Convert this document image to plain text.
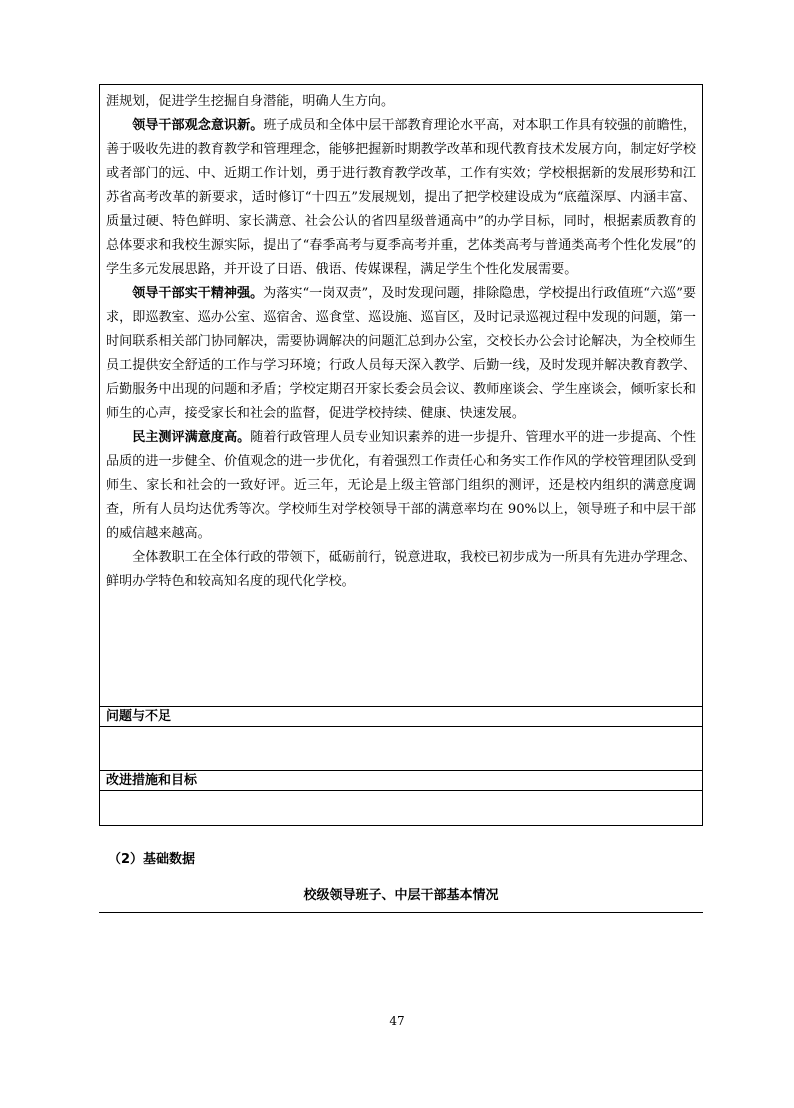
涯规划，促进学生挖掘自身潜能，明确人生方向。

领导干部观念意识新。班子成员和全体中层干部教育理论水平高，对本职工作具有较强的前瞻性，善于吸收先进的教育教学和管理理念，能够把握新时期教学改革和现代教育技术发展方向，制定好学校或者部门的远、中、近期工作计划，勇于进行教育教学改革，工作有实效；学校根据新的发展形势和江苏省高考改革的新要求，适时修订“十四五”发展规划，提出了把学校建设成为“底蕴深厚、内涵丰富、质量过硬、特色鲜明、家长满意、社会公认的省四星级普通高中”的办学目标，同时，根据素质教育的总体要求和我校生源实际，提出了“春季高考与夏季高考并重，艺体类高考与普通类高考个性化发展”的学生多元发展思路，并开设了日语、俄语、传媒课程，满足学生个性化发展需要。

领导干部实干精神强。为落实“一岗双责”，及时发现问题，排除隐患，学校提出行政值班“六巡”要求，即巡教室、巡办公室、巡宿舍、巡食堂、巡设施、巡盲区，及时记录巡视过程中发现的问题，第一时间联系相关部门协同解决，需要协调解决的问题汇总到办公室，交校长办公会讨论解决，为全校师生员工提供安全舒适的工作与学习环境；行政人员每天深入教学、后勤一线，及时发现并解决教育教学、后勤服务中出现的问题和矛盾；学校定期召开家长委会员会议、教师座谈会、学生座谈会，倾听家长和师生的心声，接受家长和社会的监督，促进学校持续、健康、快速发展。

民主测评满意度高。随着行政管理人员专业知识素养的进一步提升、管理水平的进一步提高、个性品质的进一步健全、价值观念的进一步优化，有着强烈工作责任心和务实工作作风的学校管理团队受到师生、家长和社会的一致好评。近三年，无论是上级主管部门组织的测评，还是校内组织的满意度调查，所有人员均达优秀等次。学校师生对学校领导干部的满意率均在 90%以上，领导班子和中层干部的威信越来越高。

全体教职工在全体行政的带领下，砥砺前行，锐意进取，我校已初步成为一所具有先进办学理念、鲜明办学特色和较高知名度的现代化学校。

问题与不足
改进措施和目标
（2）基础数据
校级领导班子、中层干部基本情况
47
